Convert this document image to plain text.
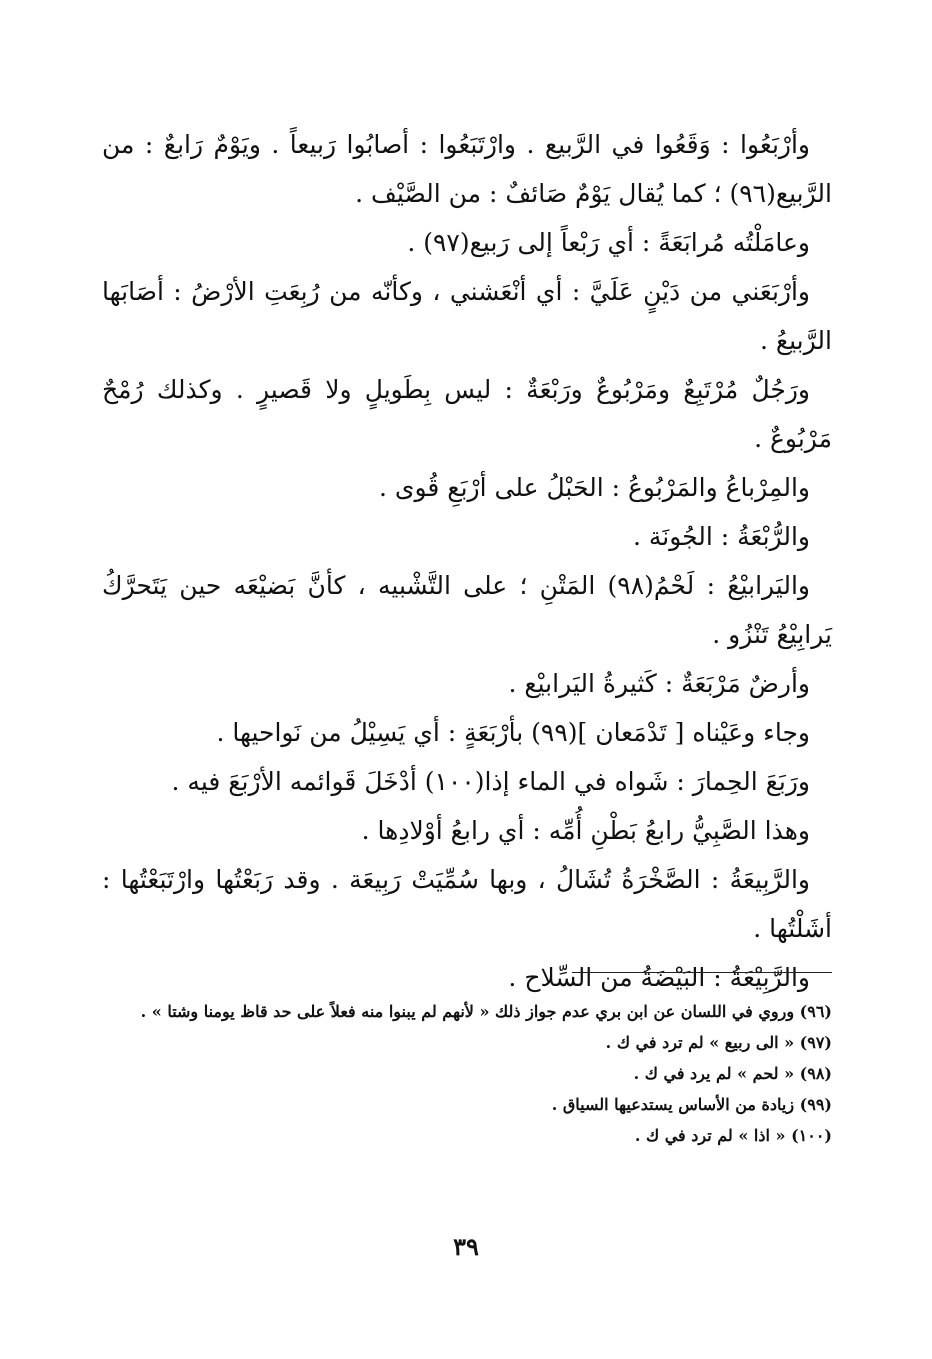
وأرْبَعُوا : وَقَعُوا في الرَّبيع . وارْتَبَعُوا : أصابُوا رَبيعاً . ويَوْمٌ رَابعٌ : من الرَّبيع(٩٦) ؛ كما يُقال يَوْمٌ صَائفٌ : من الصَّيْف .

وعامَلْتُه مُرابَعَةً : أي رَبْعاً إلى رَبيع(٩٧) .

وأرْبَعَني من دَيْنٍ عَلَيَّ : أي أنْعَشني ، وكأنّه من رُبِعَتِ الأرْضُ : أصَابَها الرَّبيعُ .

ورَجُلٌ مُرْتَبِعٌ ومَرْبُوعٌ ورَبْعَةٌ : ليس بِطَويلٍ ولا قَصيرٍ . وكذلك رُمْحٌ مَرْبُوعٌ .

والمِرْباعُ والمَرْبُوعُ : الحَبْلُ على أرْبَعِ قُوى .

والرُّبْعَةُ : الجُونَة .

واليَرابيْعُ : لَحْمُ(٩٨) المَتْنِ ؛ على التَّشْبيه ، كأنَّ بَضيْعَه حين يَتَحرَّكُ يَرابِيْعُ تَنْزُو .

وأرضٌ مَرْبَعَةٌ : كَثيرةُ اليَرابيْع .

وجاء وعَيْناه [ تَدْمَعان ](٩٩) بأرْبَعَةٍ : أي يَسِيْلُ من نَواحيها .

ورَبَعَ الحِمارَ : شَواه في الماء إذا(١٠٠) أدْخَلَ قَوائمه الأرْبَعَ فيه .

وهذا الصَّبِيُّ رابعُ بَطْنِ أُمِّه : أي رابعُ أوْلادِها .

والرَّبِيعَةُ : الصَّخْرَةُ تُشَالُ ، وبها سُمِّيَتْ رَبِيعَة . وقد رَبَعْتُها وارْتَبَعْتُها : أشَلْتُها .

والرَّبِيْعَةُ : البَيْضَةُ من السِّلاح .

(٩٦) وروي في اللسان عن ابن بري عدم جواز ذلك « لأنهم لم يبنوا منه فعلاً على حد قاظ يومنا وشتا » .

(٩٧) « الى ربيع » لم ترد في ك .

(٩٨) « لحم » لم يرد في ك .

(٩٩) زيادة من الأساس يستدعيها السياق .

(١٠٠) « اذا » لم ترد في ك .

٣٩
